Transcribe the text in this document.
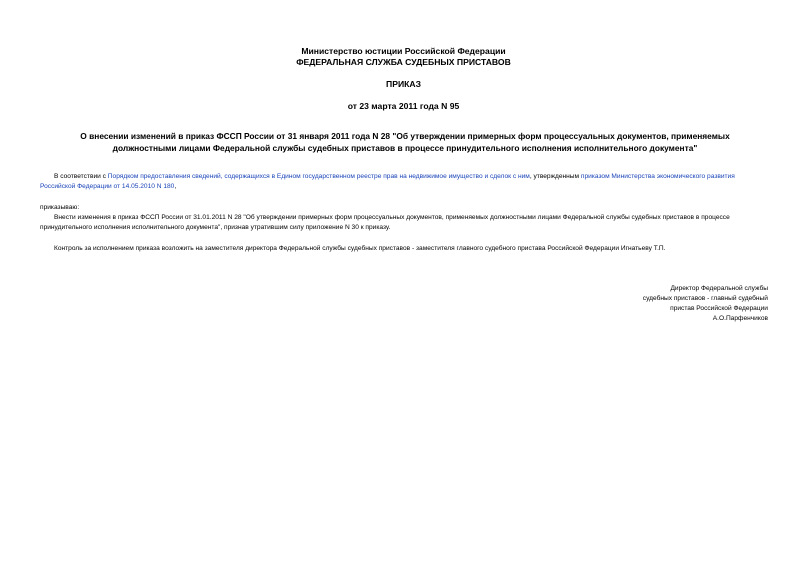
Министерство юстиции Российской Федерации
ФЕДЕРАЛЬНАЯ СЛУЖБА СУДЕБНЫХ ПРИСТАВОВ
ПРИКАЗ
от 23 марта 2011 года N 95
О внесении изменений в приказ ФССП России от 31 января 2011 года N 28 "Об утверждении примерных форм процессуальных документов, применяемых
должностными лицами Федеральной службы судебных приставов в процессе принудительного исполнения исполнительного документа"
В соответствии с Порядком предоставления сведений, содержащихся в Едином государственном реестре прав на недвижимое имущество и сделок с ним, утвержденным приказом Министерства экономического развития Российской Федерации от 14.05.2010 N 180,
приказываю:
Внести изменения в приказ ФССП России от 31.01.2011 N 28 "Об утверждении примерных форм процессуальных документов, применяемых должностными лицами Федеральной службы судебных приставов в процессе принудительного исполнения исполнительного документа", признав утратившим силу приложение N 30 к приказу.
Контроль за исполнением приказа возложить на заместителя директора Федеральной службы судебных приставов - заместителя главного судебного пристава Российской Федерации Игнатьеву Т.П.
Директор Федеральной службы
судебных приставов - главный судебный
пристав Российской Федерации
А.О.Парфенчиков
